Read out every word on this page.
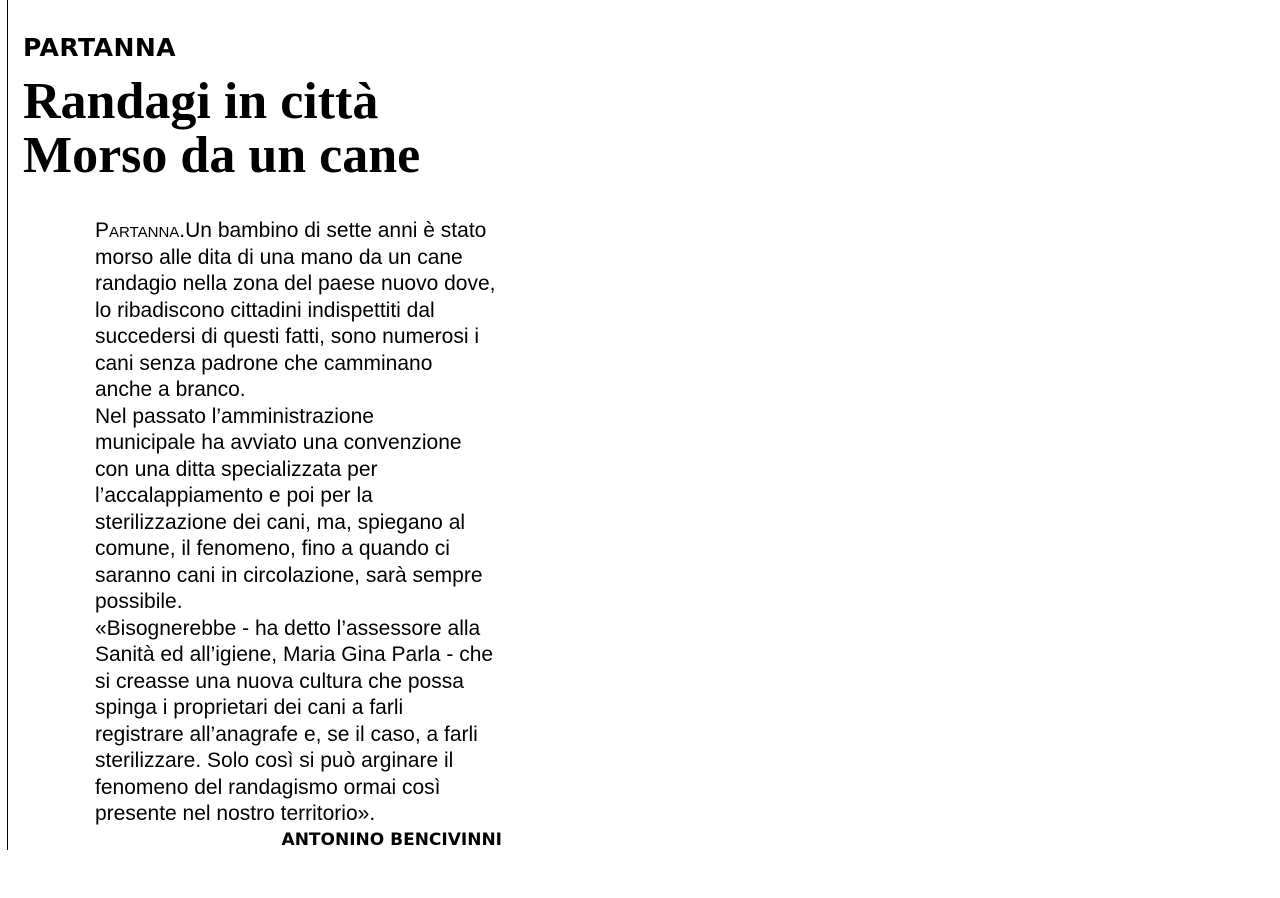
PARTANNA
Randagi in città
Morso da un cane
Partanna.Un bambino di sette anni è stato
morso alle dita di una mano da un cane
randagio nella zona del paese nuovo dove,
lo ribadiscono cittadini indispettiti dal
succedersi di questi fatti, sono numerosi i
cani senza padrone che camminano
anche a branco.
Nel passato l’amministrazione
municipale ha avviato una convenzione
con una ditta specializzata per
l’accalappiamento e poi per la
sterilizzazione dei cani, ma, spiegano al
comune, il fenomeno, fino a quando ci
saranno cani in circolazione, sarà sempre
possibile.
«Bisognerebbe - ha detto l’assessore alla
Sanità ed all’igiene, Maria Gina Parla - che
si creasse una nuova cultura che possa
spinga i proprietari dei cani a farli
registrare all’anagrafe e, se il caso, a farli
sterilizzare. Solo così si può arginare il
fenomeno del randagismo ormai così
presente nel nostro territorio».

ANTONINO BENCIVINNI
